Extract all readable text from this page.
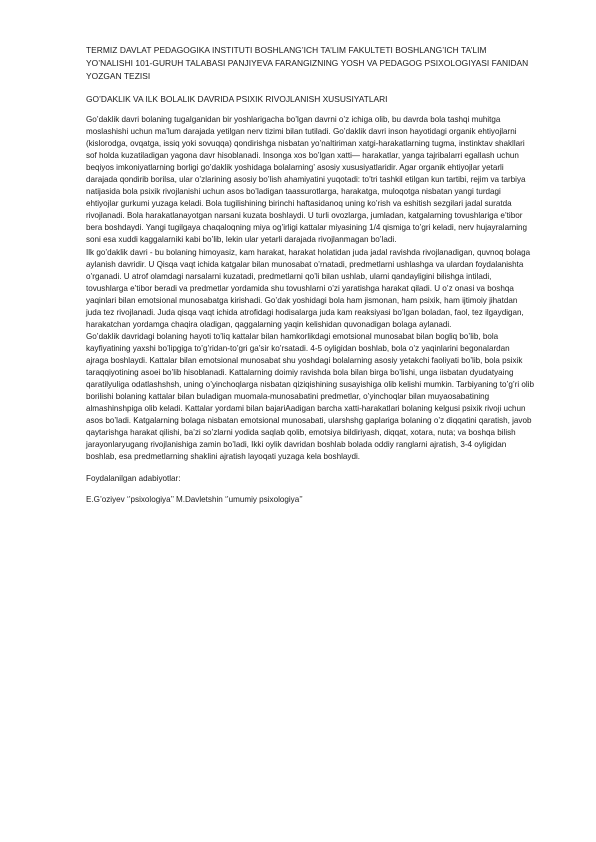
TERMIZ DAVLAT PEDAGOGIKA INSTITUTI BOSHLANG’ICH TA’LIM FAKULTETI BOSHLANG’ICH TA’LIM YO’NALISHI 101-GURUH TALABASI PANJIYEVA FARANGIZNING YOSH VA PEDAGOG PSIXOLOGIYASI FANIDAN YOZGAN TEZISI
GO’DAKLIK VA ILK BOLALIK DAVRIDA PSIXIK RIVOJLANISH XUSUSIYATLARI

Go’daklik davri bolaning tugalganidan bir yoshlarigacha bo’lgan davrni o’z ichiga olib, bu davrda bola tashqi muhitga moslashishi uchun ma’lum darajada yetilgan nerv tizimi bilan tutiladi. Go’daklik davri inson hayotidagi organik ehtiyojlarni (kislorodga, ovqatga, issiq yoki sovuqqa) qondirishga nisbatan yo’naltiriman xatgi-harakatlarning tugma, instinktav shakllari sof holda kuzatiladigan yagona davr hisoblanadi. Insonga xos bo’lgan xatti— harakatlar, yanga tajribalarri egallash uchun beqiyos imkoniyatlarning borligi go’daklik yoshidaga bolalarning’ asosiy xususiyatlaridir. Agar organik ehtiyojlar yetarli darajada qondirib borilsa, ular o’zlarining asosiy bo’lish ahamiyatini yuqotadi: to’tri tashkil etilgan kun tartibi, rejim va tarbiya natijasida bola psixik rivojlanishi uchun asos bo’ladigan taassurotlarga, harakatga, muloqotga nisbatan yangi turdagi ehtiyojlar gurkumi yuzaga keladi. Bola tugilishining birinchi haftasidanoq uning ko’rish va eshitish sezgilari jadal suratda rivojlanadi. Bola harakatlanayotgan narsani kuzata boshlaydi. U turli ovozlarga, jumladan, katgalarning tovushlariga e’tibor bera boshdaydi. Yangi tugilgaya chaqaloqning miya og’irligi kattalar miyasining 1/4 qismiga to’gri keladi, nerv hujayralarning soni esa xuddi kaggalarniki kabi bo’lib, lekin ular yetarli darajada rivojlanmagan bo’ladi.

Ilk go’daklik davri - bu bolaning himoyasiz, kam harakat, harakat holatidan juda jadal ravishda rivojlanadigan, quvnoq bolaga aylanish davridir. U Qisqa vaqt ichida katgalar bilan munosabat o’rnatadi, predmetlarni ushlashga va ulardan foydalanishta o’rganadi. U atrof olamdagi narsalarni kuzatadi, predmetlarni qo’li bilan ushlab, ularni qandayligini bilishga intiladi, tovushlarga e’tibor beradi va predmetlar yordamida shu tovushlarni o’zi yaratishga harakat qiladi. U o’z onasi va boshqa yaqinlari bilan emotsional munosabatga kirishadi. Go’dak yoshidagi bola ham jismonan, ham psixik, ham ijtimoiy jihatdan juda tez rivojlanadi. Juda qisqa vaqt ichida atrofidagi hodisalarga juda kam reaksiyasi bo’lgan boladan, faol, tez ilgaydigan, harakatchan yordamga chaqira oladigan, qaggalarning yaqin kelishidan quvonadigan bolaga aylanadi.

Go’daklik davridagi bolaning hayoti to’liq kattalar bilan hamkorlikdagi emotsional munosabat bilan bogliq bo’lib, bola kayfiyatining yaxshi bo’lipgiga to’g’ridan-to’gri ga’sir ko’rsatadi. 4-5 oyligidan boshlab, bola o’z yaqinlarini begonalardan ajraga boshlaydi. Kattalar bilan emotsional munosabat shu yoshdagi bolalarning asosiy yetakchi faoliyati bo’lib, bola psixik taraqqiyotining asoei bo’lib hisoblanadi. Kattalarning doimiy ravishda bola bilan birga bo’lishi, unga iisbatan dyudatyaing qaratilyuliga odatlashshsh, uning o’yinchoqlarga nisbatan qiziqishining susayishiga olib kelishi mumkin. Tarbiyaning to’g’ri olib borilishi bolaning kattalar bilan buladigan muomala-munosabatini predmetlar, o’yinchoqlar bilan muyaosabatining almashinshpiga olib keladi. Kattalar yordami bilan bajariAadigan barcha xatti-harakatlari bolaning kelgusi psixik rivoji uchun asos bo’ladi. Katgalarning bolaga nisbatan emotsional munosabati, ularshshg gaplariga bolaning o’z diqqatini qaratish, javob qaytarishga harakat qilishi, ba’zi so’zlarni yodida saqlab qolib, emotsiya bildiriyash, diqqat, xotara, nuta; va boshqa bilish jarayonlaryugang rivojlanishiga zamin bo’ladi, Ikki oylik davridan boshlab bolada oddiy ranglarni ajratish, 3-4 oyligidan boshlab, esa predmetlarning shaklini ajratish layoqati yuzaga kela boshlaydi.

Foydalanilgan adabiyotlar:

E.G’oziyev ‘’psixologiya’’ M.Davletshin ‘’umumiy psixologiya’’
